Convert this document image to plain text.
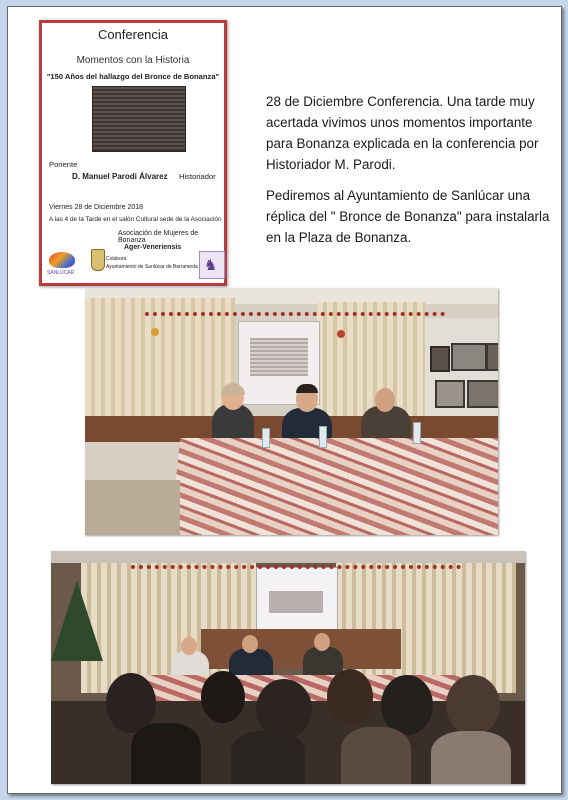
Conferencia
Momentos con la Historia
"150 Años del hallazgo del Bronce de Bonanza"
Ponente
D. Manuel Parodi Álvarez Historiador
Viernes 28 de Diciembre 2018
A las 4 de la Tarde en el salón Cultural sede de la Asociación
Asociación de Mujeres de Bonanza
Ager-Veneriensis
SANLÚCAR
Colabora
Ayuntamiento de Sanlúcar de Barrameda ♞

28 de Diciembre Conferencia. Una tarde muy acertada vivimos unos momentos importante para Bonanza explicada en la conferencia por Historiador M. Parodi.

Pediremos al Ayuntamiento de Sanlúcar una réplica del " Bronce de Bonanza" para instalarla en la Plaza de Bonanza.
